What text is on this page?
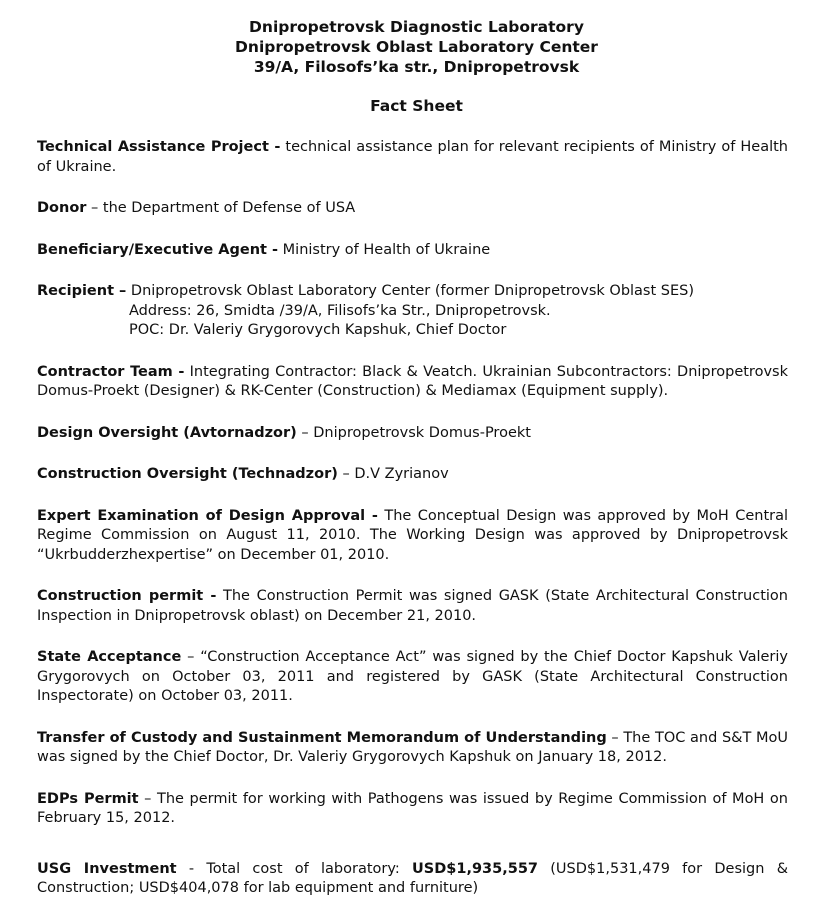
Dnipropetrovsk Diagnostic Laboratory
Dnipropetrovsk Oblast Laboratory Center
39/A, Filosofs’ka str., Dnipropetrovsk
Fact Sheet
Technical Assistance Project - technical assistance plan for relevant recipients of Ministry of Health of Ukraine.
Donor – the Department of Defense of USA
Beneficiary/Executive Agent - Ministry of Health of Ukraine
Recipient – Dnipropetrovsk Oblast Laboratory Center (former Dnipropetrovsk Oblast SES)
Address: 26, Smidta /39/A, Filisofs’ka Str., Dnipropetrovsk.
POC: Dr. Valeriy Grygorovych Kapshuk, Chief Doctor
Contractor Team - Integrating Contractor: Black & Veatch. Ukrainian Subcontractors: Dnipropetrovsk Domus-Proekt (Designer) & RK-Center (Construction) & Mediamax (Equipment supply).
Design Oversight (Avtornadzor) – Dnipropetrovsk Domus-Proekt
Construction Oversight (Technadzor) – D.V Zyrianov
Expert Examination of Design Approval - The Conceptual Design was approved by MoH Central Regime Commission on August 11, 2010. The Working Design was approved by Dnipropetrovsk “Ukrbudderzhexpertise” on December 01, 2010.
Construction permit - The Construction Permit was signed GASK (State Architectural Construction Inspection in Dnipropetrovsk oblast) on December 21, 2010.
State Acceptance – “Construction Acceptance Act” was signed by the Chief Doctor Kapshuk Valeriy Grygorovych on October 03, 2011 and registered by GASK (State Architectural Construction Inspectorate) on October 03, 2011.
Transfer of Custody and Sustainment Memorandum of Understanding – The TOC and S&T MoU was signed by the Chief Doctor, Dr. Valeriy Grygorovych Kapshuk on January 18, 2012.
EDPs Permit – The permit for working with Pathogens was issued by Regime Commission of MoH on February 15, 2012.
USG Investment - Total cost of laboratory: USD$1,935,557 (USD$1,531,479 for Design & Construction; USD$404,078 for lab equipment and furniture)
